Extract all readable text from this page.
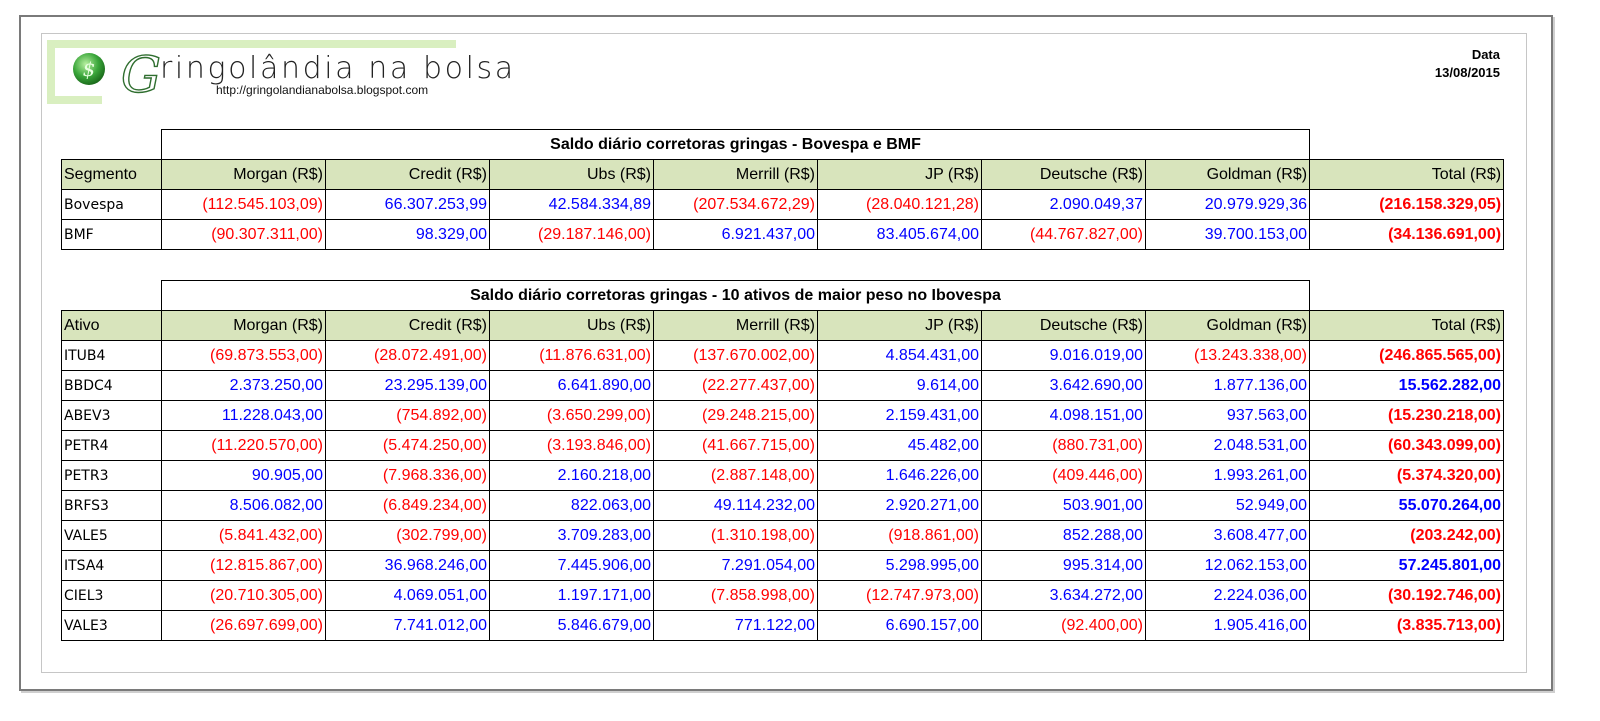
$ G ringolândia na bolsa
http://gringolandianabolsa.blogspot.com
Data
13/08/2015
	Saldo diário corretoras gringas - Bovespa e BMF							
Segmento	Morgan (R$)	Credit (R$)	Ubs (R$)	Merrill (R$)	JP (R$)	Deutsche (R$)	Goldman (R$)	Total (R$)
Bovespa	(112.545.103,09)	66.307.253,99	42.584.334,89	(207.534.672,29)	(28.040.121,28)	2.090.049,37	20.979.929,36	(216.158.329,05)
BMF	(90.307.311,00)	98.329,00	(29.187.146,00)	6.921.437,00	83.405.674,00	(44.767.827,00)	39.700.153,00	(34.136.691,00)
	Saldo diário corretoras gringas - 10 ativos de maior peso no Ibovespa							
Ativo	Morgan (R$)	Credit (R$)	Ubs (R$)	Merrill (R$)	JP (R$)	Deutsche (R$)	Goldman (R$)	Total (R$)
ITUB4	(69.873.553,00)	(28.072.491,00)	(11.876.631,00)	(137.670.002,00)	4.854.431,00	9.016.019,00	(13.243.338,00)	(246.865.565,00)
BBDC4	2.373.250,00	23.295.139,00	6.641.890,00	(22.277.437,00)	9.614,00	3.642.690,00	1.877.136,00	15.562.282,00
ABEV3	11.228.043,00	(754.892,00)	(3.650.299,00)	(29.248.215,00)	2.159.431,00	4.098.151,00	937.563,00	(15.230.218,00)
PETR4	(11.220.570,00)	(5.474.250,00)	(3.193.846,00)	(41.667.715,00)	45.482,00	(880.731,00)	2.048.531,00	(60.343.099,00)
PETR3	90.905,00	(7.968.336,00)	2.160.218,00	(2.887.148,00)	1.646.226,00	(409.446,00)	1.993.261,00	(5.374.320,00)
BRFS3	8.506.082,00	(6.849.234,00)	822.063,00	49.114.232,00	2.920.271,00	503.901,00	52.949,00	55.070.264,00
VALE5	(5.841.432,00)	(302.799,00)	3.709.283,00	(1.310.198,00)	(918.861,00)	852.288,00	3.608.477,00	(203.242,00)
ITSA4	(12.815.867,00)	36.968.246,00	7.445.906,00	7.291.054,00	5.298.995,00	995.314,00	12.062.153,00	57.245.801,00
CIEL3	(20.710.305,00)	4.069.051,00	1.197.171,00	(7.858.998,00)	(12.747.973,00)	3.634.272,00	2.224.036,00	(30.192.746,00)
VALE3	(26.697.699,00)	7.741.012,00	5.846.679,00	771.122,00	6.690.157,00	(92.400,00)	1.905.416,00	(3.835.713,00)
